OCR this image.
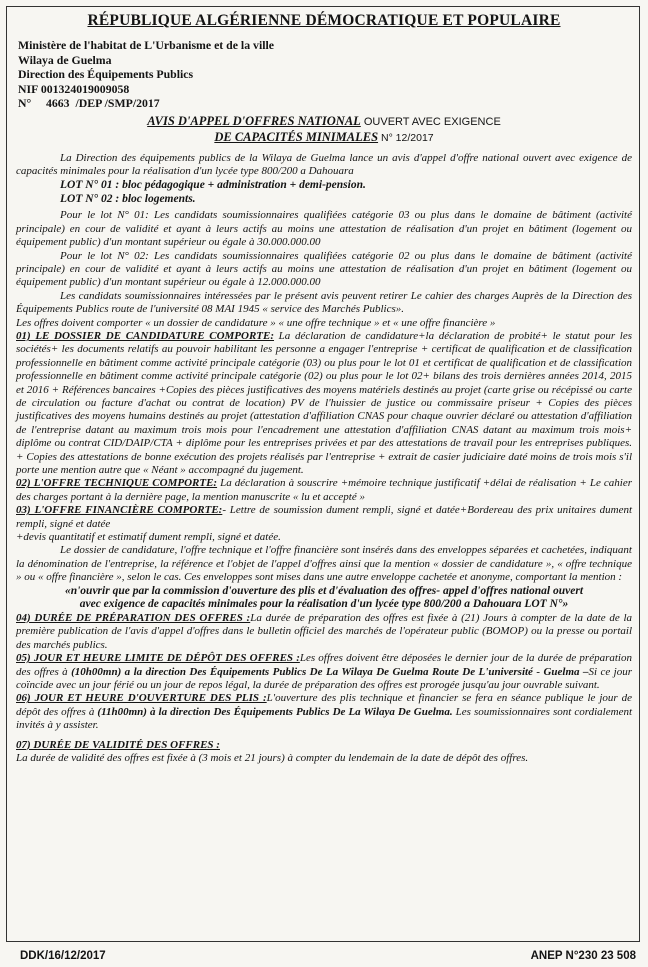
RÉPUBLIQUE ALGÉRIENNE DÉMOCRATIQUE ET POPULAIRE
Ministère de l'habitat de L'Urbanisme et de la ville
Wilaya de Guelma
Direction des Équipements Publics
NIF 001324019009058
N°     4663  /DEP /SMP/2017
AVIS D'APPEL D'OFFRES NATIONAL OUVERT AVEC EXIGENCE
DE CAPACITÉS MINIMALES N° 12/2017

La Direction des équipements publics de la Wilaya de Guelma lance un avis d'appel d'offre national ouvert avec exigence de capacités minimales pour la réalisation d'un lycée type 800/200 a Dahouara

LOT N° 01 : bloc pédagogique + administration + demi-pension.
LOT N° 02 : bloc logements.

Pour le lot N° 01: Les candidats soumissionnaires qualifiées catégorie 03 ou plus dans le domaine de bâtiment (activité principale) en cour de validité et ayant à leurs actifs au moins une attestation de réalisation d'un projet en bâtiment (logement ou équipement public) d'un montant supérieur ou égale à 30.000.000.00

Pour le lot N° 02: Les candidats soumissionnaires qualifiées catégorie 02 ou plus dans le domaine de bâtiment (activité principale) en cour de validité et ayant à leurs actifs au moins une attestation de réalisation d'un projet en bâtiment (logement ou équipement public) d'un montant supérieur ou égale à 12.000.000.00

Les candidats soumissionnaires intéressées par le présent avis peuvent retirer Le cahier des charges Auprès de la Direction des Équipements Publics route de l'université 08 MAI 1945 « service des Marchés Publics».

Les offres doivent comporter « un dossier de candidature » « une offre technique » et « une offre financière »

01) LE DOSSIER DE CANDIDATURE COMPORTE: La déclaration de candidature+la déclaration de probité+ le statut pour les sociétés+ les documents relatifs au pouvoir habilitant les personne a engager l'entreprise + certificat de qualification et de classification professionnelle en bâtiment comme activité principale catégorie (03) ou plus pour le lot 01 et certificat de qualification et de classification professionnelle en bâtiment comme activité principale catégorie (02) ou plus pour le lot 02+ bilans des trois dernières années 2014, 2015 et 2016 + Références bancaires +Copies des pièces justificatives des moyens matériels destinés au projet (carte grise ou récépissé ou carte de circulation ou facture d'achat ou contrat de location) PV de l'huissier de justice ou commissaire priseur + Copies des pièces justificatives des moyens humains destinés au projet (attestation d'affiliation CNAS pour chaque ouvrier déclaré ou attestation d'affiliation de l'entreprise datant au maximum trois mois pour l'encadrement une attestation d'affiliation CNAS datant au maximum trois mois+ diplôme ou contrat CID/DAIP/CTA + diplôme pour les entreprises privées et par des attestations de travail pour les entreprises publiques. + Copies des attestations de bonne exécution des projets réalisés par l'entreprise + extrait de casier judiciaire daté moins de trois mois s'il porte une mention autre que « Néant » accompagné du jugement.

02) L'OFFRE TECHNIQUE COMPORTE: La déclaration à souscrire +mémoire technique justificatif +délai de réalisation + Le cahier des charges portant à la dernière page, la mention manuscrite « lu et accepté »

03) L'OFFRE FINANCIÈRE COMPORTE:- Lettre de soumission dument rempli, signé et datée+Bordereau des prix unitaires dument rempli, signé et datée

+devis quantitatif et estimatif dument rempli, signé et datée.

Le dossier de candidature, l'offre technique et l'offre financière sont insérés dans des enveloppes séparées et cachetées, indiquant la dénomination de l'entreprise, la référence et l'objet de l'appel d'offres ainsi que la mention « dossier de candidature », « offre technique » ou « offre financière », selon le cas. Ces enveloppes sont mises dans une autre enveloppe cachetée et anonyme, comportant la mention :

«n'ouvrir que par la commission d'ouverture des plis et d'évaluation des offres- appel d'offres national ouvert
avec exigence de capacités minimales pour la réalisation d'un lycée type 800/200 a Dahouara LOT N°»

04) DURÉE DE PRÉPARATION DES OFFRES :La durée de préparation des offres est fixée à (21) Jours à compter de la date de la première publication de l'avis d'appel d'offres dans le bulletin officiel des marchés de l'opérateur public (BOMOP) ou la presse ou portail des marchés publics.

05) JOUR ET HEURE LIMITE DE DÉPÔT DES OFFRES :Les offres doivent être déposées le dernier jour de la durée de préparation des offres à (10h00mn) a la direction Des Équipements Publics De La Wilaya De Guelma Route De L'université - Guelma –Si ce jour coïncide avec un jour férié ou un jour de repos légal, la durée de préparation des offres est prorogée jusqu'au jour ouvrable suivant.

06) JOUR ET HEURE D'OUVERTURE DES PLIS :L'ouverture des plis technique et financier se fera en séance publique le jour de dépôt des offres à (11h00mn) à la direction Des Équipements Publics De La Wilaya De Guelma. Les soumissionnaires sont cordialement invités à y assister.

07) DURÉE DE VALIDITÉ DES OFFRES :

La durée de validité des offres est fixée à (3 mois et 21 jours) à compter du lendemain de la date de dépôt des offres.

DDK/16/12/2017	ANEP N°230 23 508
